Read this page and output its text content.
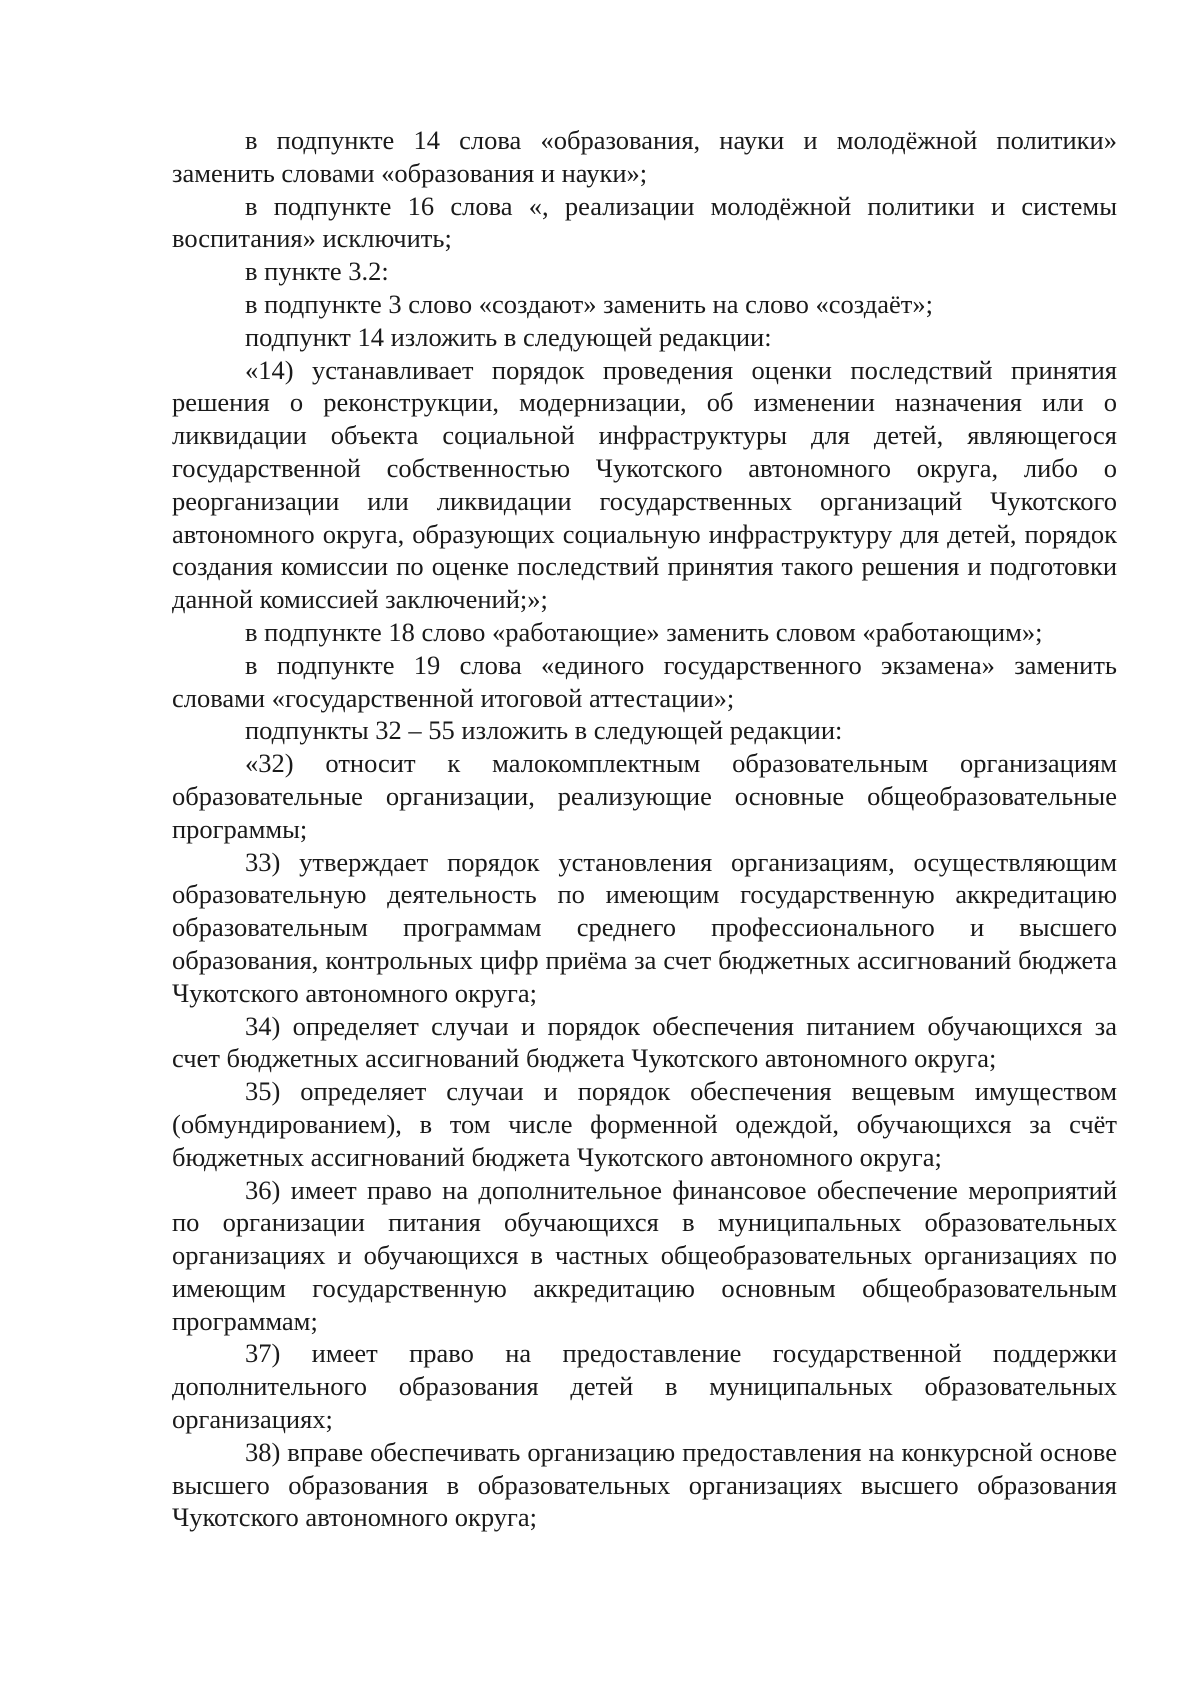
в подпункте 14 слова «образования, науки и молодёжной политики» заменить словами «образования и науки»;

в подпункте 16 слова «, реализации молодёжной политики и системы воспитания» исключить;

в пункте 3.2:

в подпункте 3 слово «создают» заменить на слово «создаёт»;

подпункт 14 изложить в следующей редакции:

«14) устанавливает порядок проведения оценки последствий принятия решения о реконструкции, модернизации, об изменении назначения или о ликвидации объекта социальной инфраструктуры для детей, являющегося государственной собственностью Чукотского автономного округа, либо о реорганизации или ликвидации государственных организаций Чукотского автономного округа, образующих социальную инфраструктуру для детей, порядок создания комиссии по оценке последствий принятия такого решения и подготовки данной комиссией заключений;»;

в подпункте 18 слово «работающие» заменить словом «работающим»;

в подпункте 19 слова «единого государственного экзамена» заменить словами «государственной итоговой аттестации»;

подпункты 32 – 55 изложить в следующей редакции:

«32) относит к малокомплектным образовательным организациям образовательные организации, реализующие основные общеобразовательные программы;

33) утверждает порядок установления организациям, осуществляющим образовательную деятельность по имеющим государственную аккредитацию образовательным программам среднего профессионального и высшего образования, контрольных цифр приёма за счет бюджетных ассигнований бюджета Чукотского автономного округа;

34) определяет случаи и порядок обеспечения питанием обучающихся за счет бюджетных ассигнований бюджета Чукотского автономного округа;

35) определяет случаи и порядок обеспечения вещевым имуществом (обмундированием), в том числе форменной одеждой, обучающихся за счёт бюджетных ассигнований бюджета Чукотского автономного округа;

36) имеет право на дополнительное финансовое обеспечение мероприятий по организации питания обучающихся в муниципальных образовательных организациях и обучающихся в частных общеобразовательных организациях по имеющим государственную аккредитацию основным общеобразовательным программам;

37) имеет право на предоставление государственной поддержки дополнительного образования детей в муниципальных образовательных организациях;

38) вправе обеспечивать организацию предоставления на конкурсной основе высшего образования в образовательных организациях высшего образования Чукотского автономного округа;
